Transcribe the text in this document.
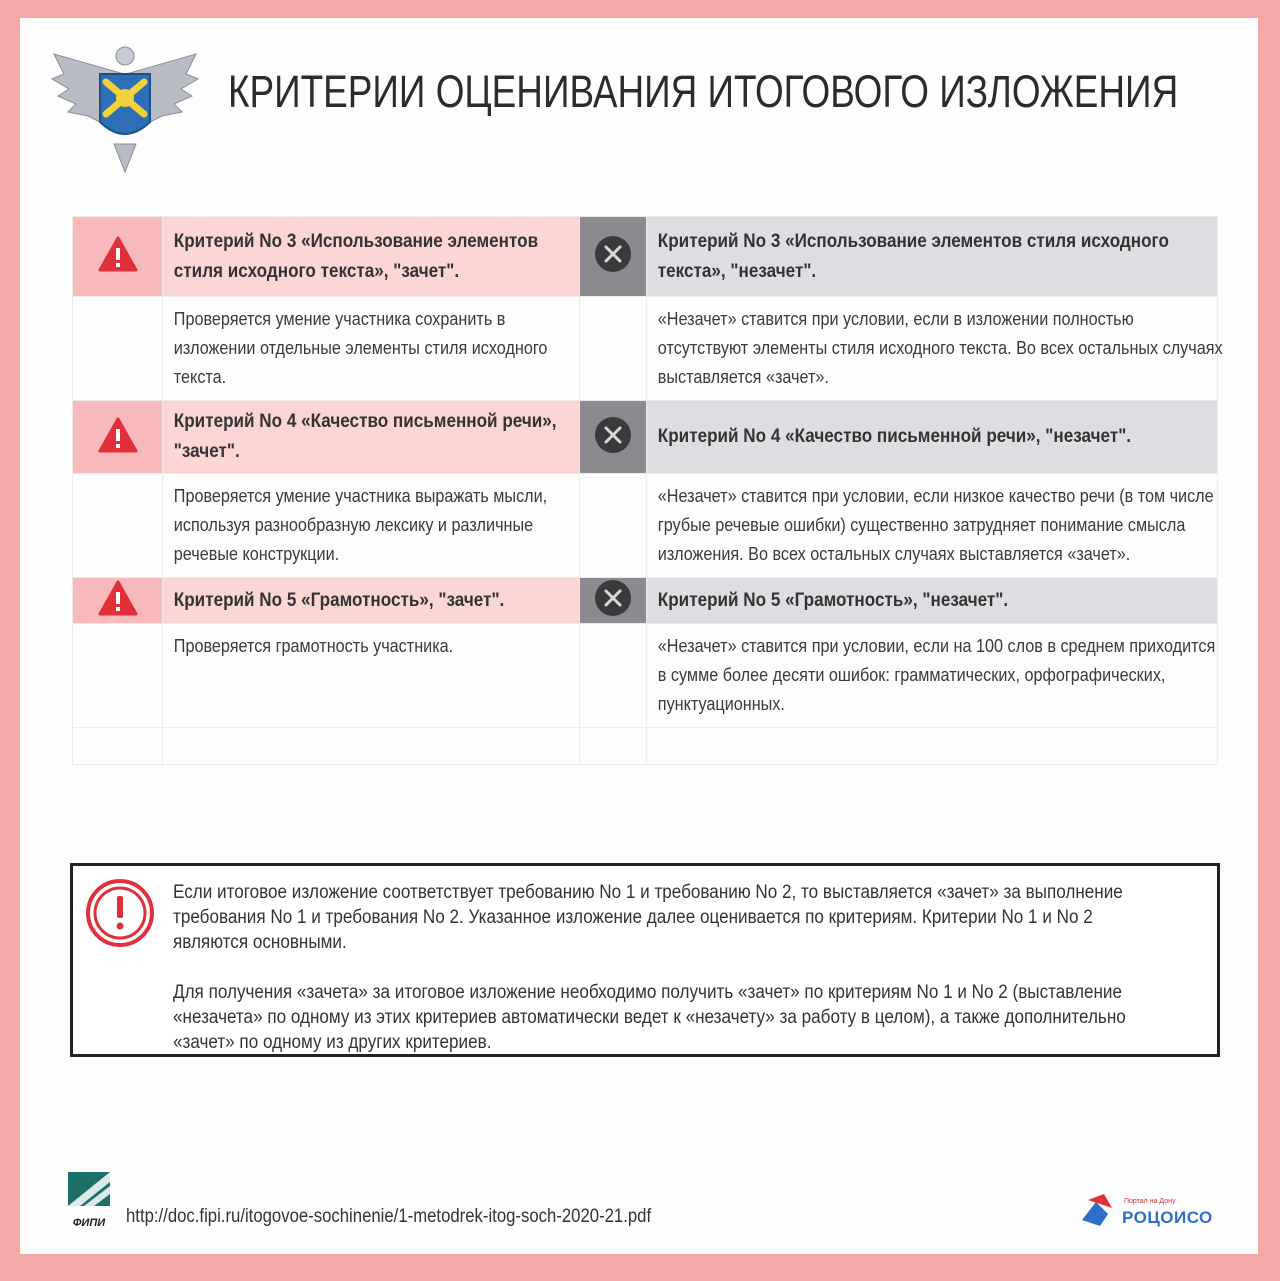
КРИТЕРИИ ОЦЕНИВАНИЯ ИТОГОВОГО ИЗЛОЖЕНИЯ

Критерий No 3 «Использование элементов стиля исходного текста», "зачет".		Критерий No 3 «Использование элементов стиля исходного текста», "незачет".

	Проверяется умение участника сохранить в изложении отдельные элементы стиля исходного текста.		«Незачет» ставится при условии, если в изложении полностью отсутствуют элементы стиля исходного текста. Во всех остальных случаях выставляется «зачет».

Критерий No 4 «Качество письменной речи», "зачет".		Критерий No 4 «Качество письменной речи», "незачет".

	Проверяется умение участника выражать мысли, используя разнообразную лексику и различные речевые конструкции.		«Незачет» ставится при условии, если низкое качество речи (в том числе грубые речевые ошибки) существенно затрудняет понимание смысла изложения. Во всех остальных случаях выставляется «зачет».

Критерий No 5 «Грамотность», "зачет".		Критерий No 5 «Грамотность», "незачет".

	Проверяется грамотность участника.		«Незачет» ставится при условии, если на 100 слов в среднем приходится в сумме более десяти ошибок: грамматических, орфографических, пунктуационных.

Если итоговое изложение соответствует требованию No 1 и требованию No 2, то выставляется «зачет» за выполнение требования No 1 и требования No 2. Указанное изложение далее оценивается по критериям. Критерии No 1 и No 2 являются основными.

Для получения «зачета» за итоговое изложение необходимо получить «зачет» по критериям No 1 и No 2 (выставление «незачета» по одному из этих критериев автоматически ведет к «незачету» за работу в целом), а также дополнительно «зачет» по одному из других критериев.

ФИПИ http://doc.fipi.ru/itogovoe-sochinenie/1-metodrek-itog-soch-2020-21.pdf
Портал на Дону
РОЦОИСО
